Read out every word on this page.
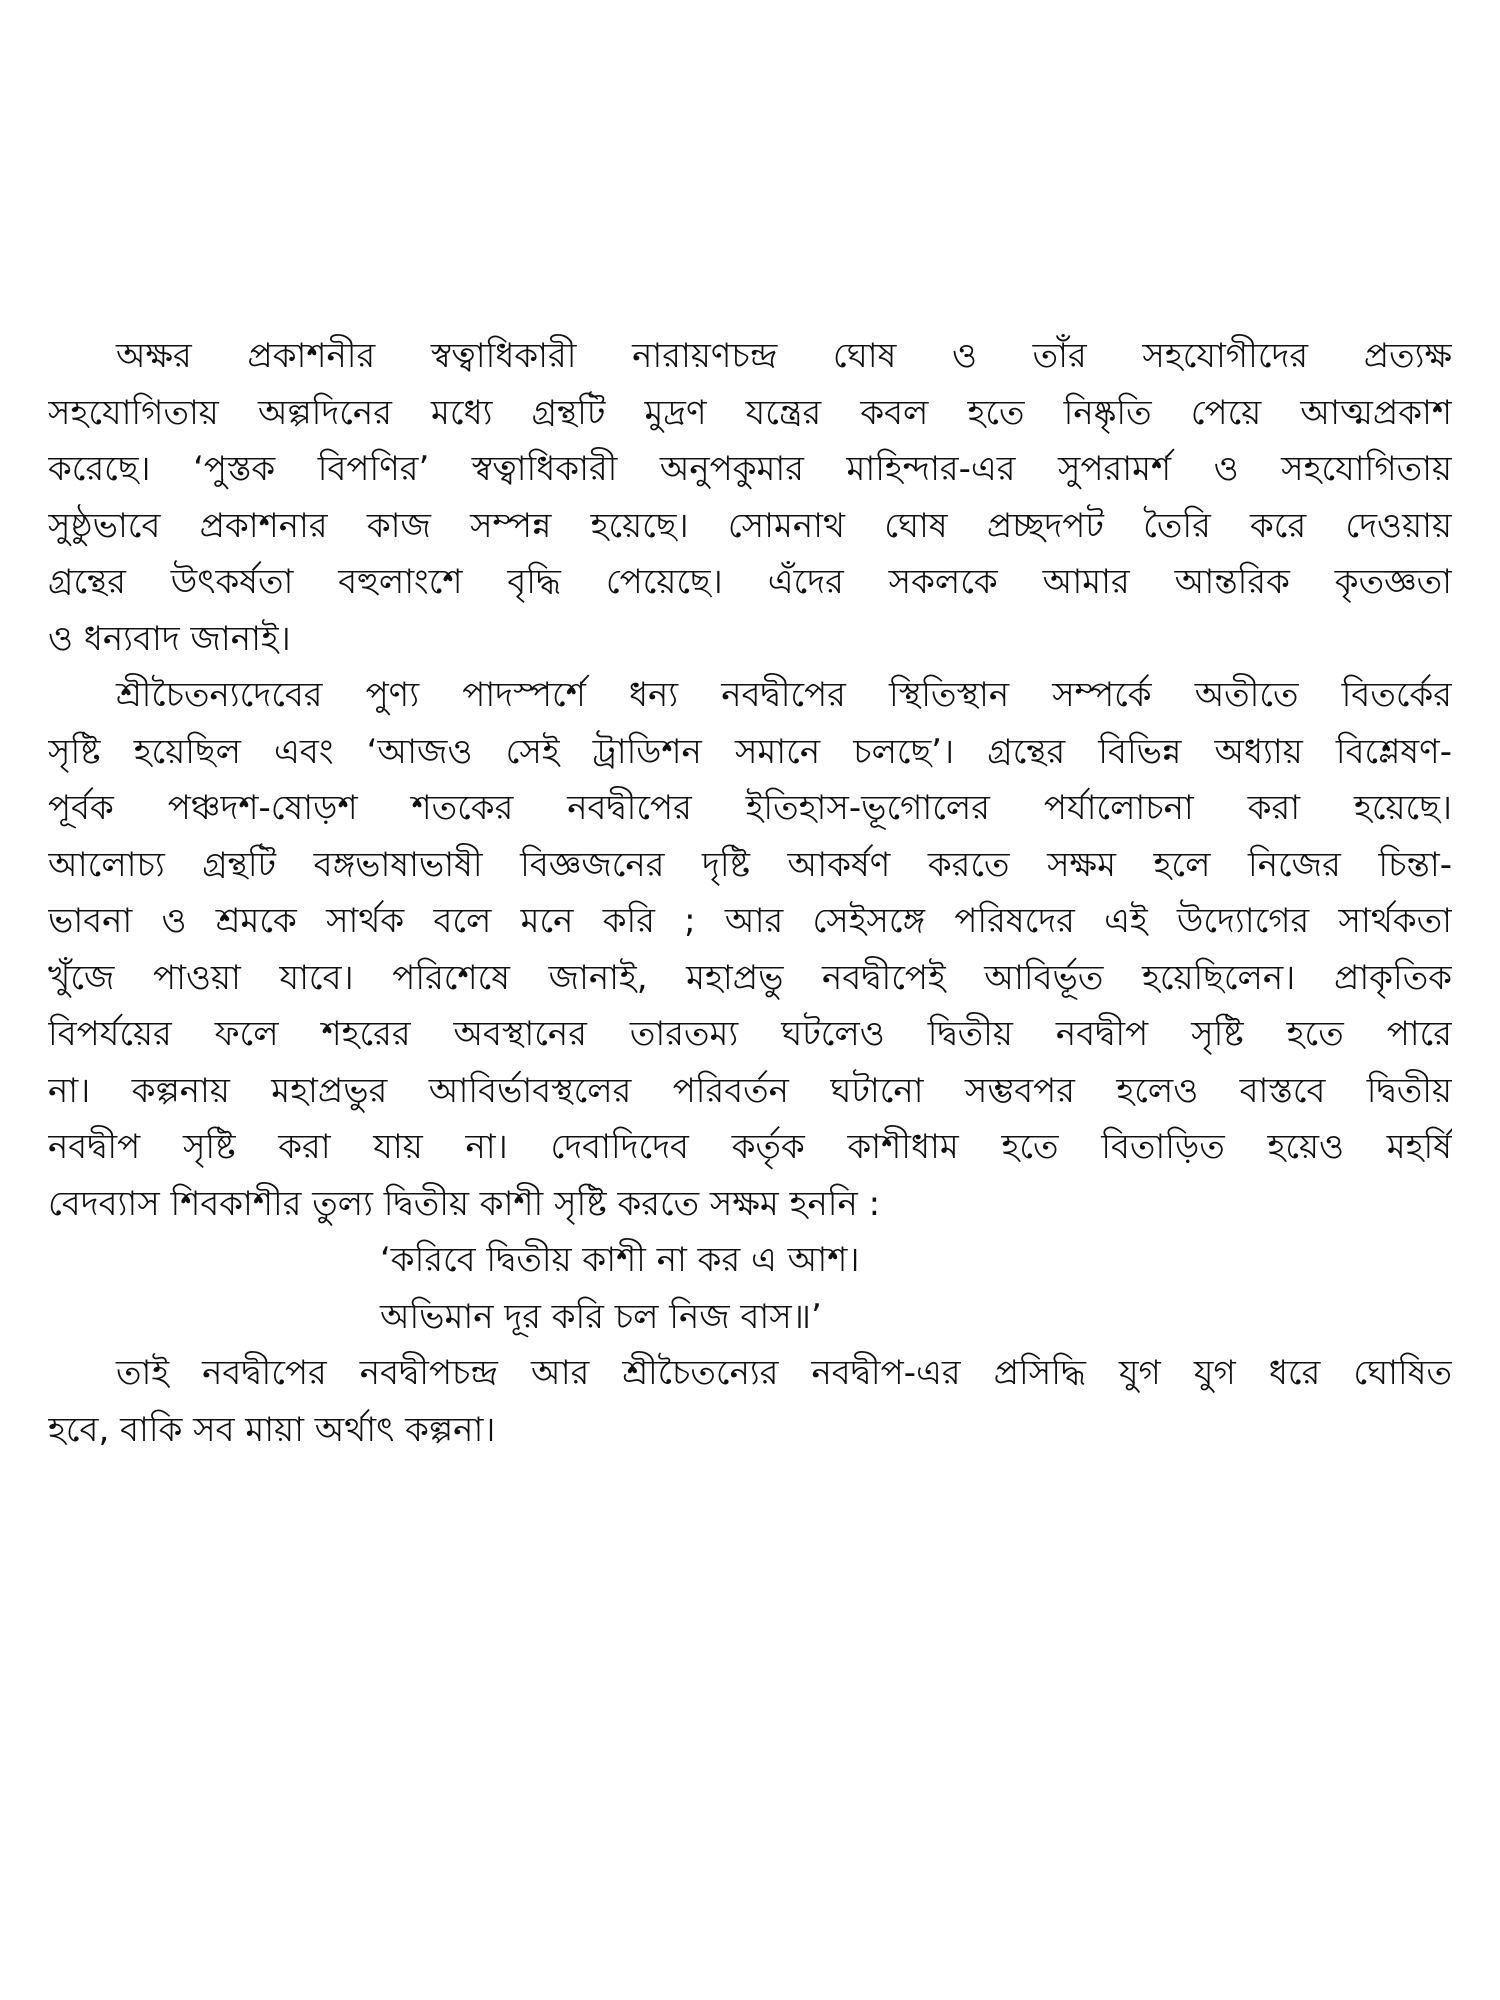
অক্ষর প্রকাশনীর স্বত্বাধিকারী নারায়ণচন্দ্র ঘোষ ও তাঁর সহযোগীদের প্রত্যক্ষ
সহযোগিতায় অল্পদিনের মধ্যে গ্রন্থটি মুদ্রণ যন্ত্রের কবল হতে নিষ্কৃতি পেয়ে আত্মপ্রকাশ
করেছে। ‘পুস্তক বিপণির’ স্বত্বাধিকারী অনুপকুমার মাহিন্দার-এর সুপরামর্শ ও সহযোগিতায়
সুষ্ঠুভাবে প্রকাশনার কাজ সম্পন্ন হয়েছে। সোমনাথ ঘোষ প্রচ্ছদপট তৈরি করে দেওয়ায়
গ্রন্থের উৎকর্ষতা বহুলাংশে বৃদ্ধি পেয়েছে। এঁদের সকলকে আমার আন্তরিক কৃতজ্ঞতা
ও ধন্যবাদ জানাই।
শ্রীচৈতন্যদেবের পুণ্য পাদস্পর্শে ধন্য নবদ্বীপের স্থিতিস্থান সম্পর্কে অতীতে বিতর্কের
সৃষ্টি হয়েছিল এবং ‘আজও সেই ট্রাডিশন সমানে চলছে’। গ্রন্থের বিভিন্ন অধ্যায় বিশ্লেষণ-
পূর্বক পঞ্চদশ-ষোড়শ শতকের নবদ্বীপের ইতিহাস-ভূগোলের পর্যালোচনা করা হয়েছে।
আলোচ্য গ্রন্থটি বঙ্গভাষাভাষী বিজ্ঞজনের দৃষ্টি আকর্ষণ করতে সক্ষম হলে নিজের চিন্তা-
ভাবনা ও শ্রমকে সার্থক বলে মনে করি ; আর সেইসঙ্গে পরিষদের এই উদ্যোগের সার্থকতা
খুঁজে পাওয়া যাবে। পরিশেষে জানাই, মহাপ্রভু নবদ্বীপেই আবির্ভূত হয়েছিলেন। প্রাকৃতিক
বিপর্যয়ের ফলে শহরের অবস্থানের তারতম্য ঘটলেও দ্বিতীয় নবদ্বীপ সৃষ্টি হতে পারে
না। কল্পনায় মহাপ্রভুর আবির্ভাবস্থলের পরিবর্তন ঘটানো সম্ভবপর হলেও বাস্তবে দ্বিতীয়
নবদ্বীপ সৃষ্টি করা যায় না। দেবাদিদেব কর্তৃক কাশীধাম হতে বিতাড়িত হয়েও মহর্ষি
বেদব্যাস শিবকাশীর তুল্য দ্বিতীয় কাশী সৃষ্টি করতে সক্ষম হননি :
‘করিবে দ্বিতীয় কাশী না কর এ আশ।
অভিমান দূর করি চল নিজ বাস॥’
তাই নবদ্বীপের নবদ্বীপচন্দ্র আর শ্রীচৈতন্যের নবদ্বীপ-এর প্রসিদ্ধি যুগ যুগ ধরে ঘোষিত
হবে, বাকি সব মায়া অর্থাৎ কল্পনা।
